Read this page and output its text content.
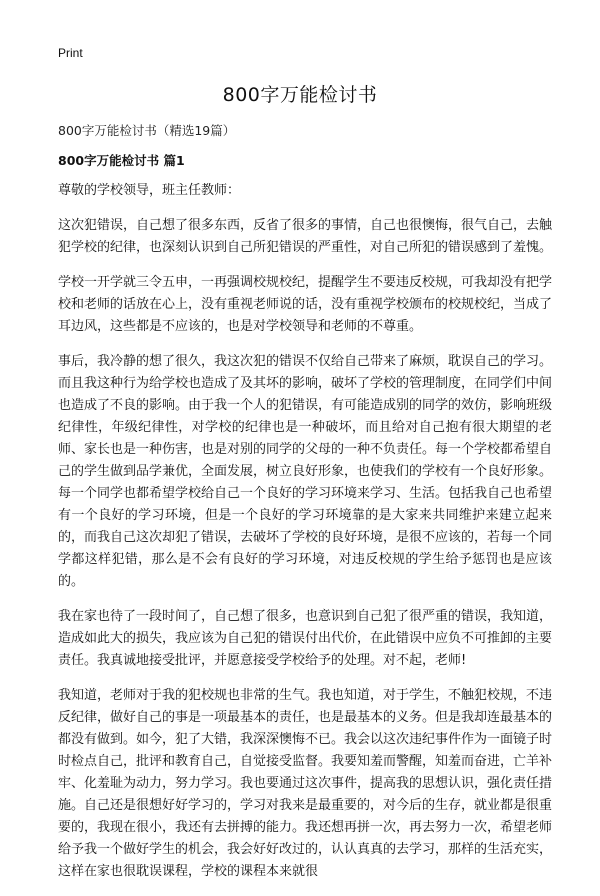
Print
800字万能检讨书
800字万能检讨书（精选19篇）
800字万能检讨书 篇1

尊敬的学校领导，班主任教师：

这次犯错误，自己想了很多东西，反省了很多的事情，自己也很懊悔，很气自己，去触犯学校的纪律，也深刻认识到自己所犯错误的严重性，对自己所犯的错误感到了羞愧。

学校一开学就三令五申，一再强调校规校纪，提醒学生不要违反校规，可我却没有把学校和老师的话放在心上，没有重视老师说的话，没有重视学校颁布的校规校纪，当成了耳边风，这些都是不应该的，也是对学校领导和老师的不尊重。

事后，我冷静的想了很久，我这次犯的错误不仅给自己带来了麻烦，耽误自己的学习。而且我这种行为给学校也造成了及其坏的影响，破坏了学校的管理制度，在同学们中间也造成了不良的影响。由于我一个人的犯错误，有可能造成别的同学的效仿，影响班级纪律性，年级纪律性，对学校的纪律也是一种破坏，而且给对自己抱有很大期望的老师、家长也是一种伤害，也是对别的同学的父母的一种不负责任。每一个学校都希望自己的学生做到品学兼优，全面发展，树立良好形象，也使我们的学校有一个良好形象。每一个同学也都希望学校给自己一个良好的学习环境来学习、生活。包括我自己也希望有一个良好的学习环境，但是一个良好的学习环境靠的是大家来共同维护来建立起来的，而我自己这次却犯了错误，去破坏了学校的良好环境，是很不应该的，若每一个同学都这样犯错，那么是不会有良好的学习环境，对违反校规的学生给予惩罚也是应该的。

我在家也待了一段时间了，自己想了很多，也意识到自己犯了很严重的错误，我知道，造成如此大的损失，我应该为自己犯的错误付出代价，在此错误中应负不可推卸的主要责任。我真诚地接受批评，并愿意接受学校给予的处理。对不起，老师!

我知道，老师对于我的犯校规也非常的生气。我也知道，对于学生，不触犯校规，不违反纪律，做好自己的事是一项最基本的责任，也是最基本的义务。但是我却连最基本的都没有做到。如今，犯了大错，我深深懊悔不已。我会以这次违纪事件作为一面镜子时时检点自己，批评和教育自己，自觉接受监督。我要知羞而警醒，知羞而奋进，亡羊补牢、化羞耻为动力，努力学习。我也要通过这次事件，提高我的思想认识，强化责任措施。自己还是很想好好学习的，学习对我来是最重要的，对今后的生存，就业都是很重要的，我现在很小，我还有去拼搏的能力。我还想再拼一次，再去努力一次，希望老师给予我一个做好学生的机会，我会好好改过的，认认真真的去学习，那样的生活充实，这样在家也很耽误课程，学校的课程本来就很
